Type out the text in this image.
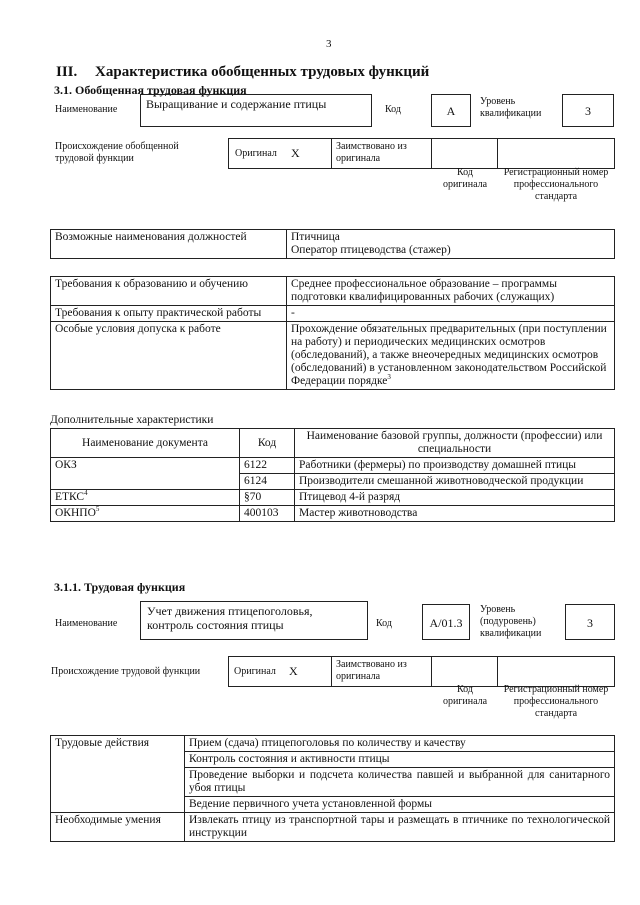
3
III. Характеристика обобщенных трудовых функций
3.1. Обобщенная трудовая функция
Наименование	Выращивание и содержание птицы	Код	A
Уровень квалификации	3
Происхождение обобщенной трудовой функции	Оригинал X	Заимствовано из оригинала
Код оригинала
Регистрационный номер профессионального стандарта
Возможные наименования должностей	Птичница
Оператор птицеводства (стажер)
Требования к образованию и обучению	Среднее профессиональное образование – программы подготовки квалифицированных рабочих (служащих)
Требования к опыту практической работы	-
Особые условия допуска к работе	Прохождение обязательных предварительных (при поступлении на работу) и периодических медицинских осмотров (обследований), а также внеочередных медицинских осмотров (обследований) в установленном законодательством Российской Федерации порядке$^3$
Дополнительные характеристики
Наименование документа	Код	Наименование базовой группы, должности (профессии) или специальности
ОКЗ	6122	Работники (фермеры) по производству домашней птицы
	6124	Производители смешанной животноводческой продукции
ЕТКС$^4$	§70	Птицевод 4-й разряд
ОКНПО$^5$	400103	Мастер животноводства
3.1.1. Трудовая функция
Наименование
Учет движения птицепоголовья, контроль состояния птицы	Код	A/01.3
Уровень (подуровень) квалификации
3
Происхождение трудовой функции	Оригинал X	Заимствовано из оригинала
Код оригинала
Регистрационный номер профессионального стандарта
Трудовые действия	Прием (сдача) птицепоголовья по количеству и качеству
	Контроль состояния и активности птицы
	Проведение выборки и подсчета количества павшей и выбранной для санитарного убоя птицы
	Ведение первичного учета установленной формы
Необходимые умения	Извлекать птицу из транспортной тары и размещать в птичнике по технологической инструкции
